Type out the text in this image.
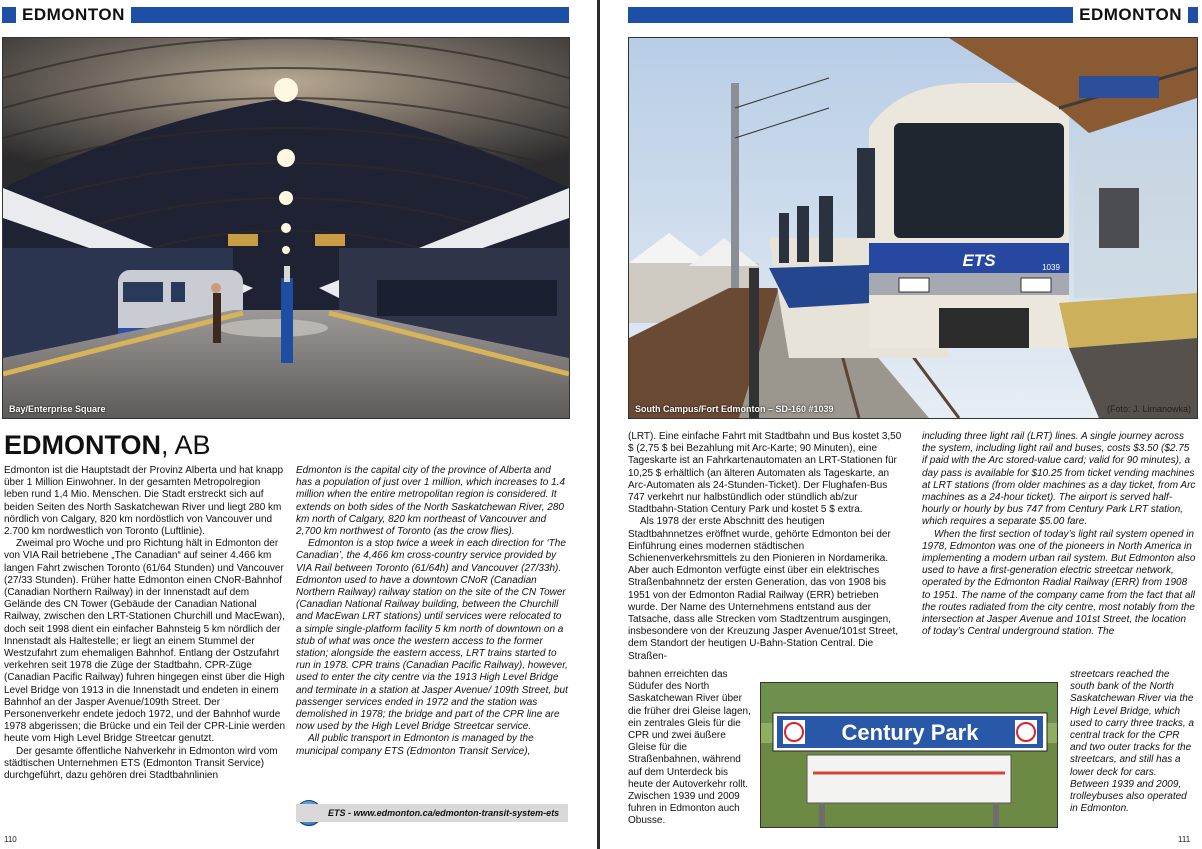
EDMONTON
Bay/Enterprise Square
EDMONTON, AB

Edmonton ist die Hauptstadt der Provinz Alberta und hat knapp über 1 Million Einwohner. In der gesamten Metropolregion leben rund 1,4 Mio. Menschen. Die Stadt erstreckt sich auf beiden Seiten des North Saskatchewan River und liegt 280 km nördlich von Calgary, 820 km nordöstlich von Vancouver und 2.700 km nordwestlich von Toronto (Luftlinie).

Zweimal pro Woche und pro Richtung hält in Edmonton der von VIA Rail betriebene „The Canadian“ auf seiner 4.466 km langen Fahrt zwischen Toronto (61/64 Stunden) und Vancouver (27/33 Stunden). Früher hatte Edmonton einen CNoR-Bahnhof (Canadian Northern Railway) in der Innenstadt auf dem Gelände des CN Tower (Gebäude der Canadian National Railway, zwischen den LRT-Stationen Churchill und MacEwan), doch seit 1998 dient ein einfacher Bahnsteig 5 km nördlich der Innenstadt als Haltestelle; er liegt an einem Stummel der Westzufahrt zum ehemaligen Bahnhof. Entlang der Ostzufahrt verkehren seit 1978 die Züge der Stadtbahn. CPR-Züge (Canadian Pacific Railway) fuhren hingegen einst über die High Level Bridge von 1913 in die Innenstadt und endeten in einem Bahnhof an der Jasper Avenue/109th Street. Der Personenverkehr endete jedoch 1972, und der Bahnhof wurde 1978 abgerissen; die Brücke und ein Teil der CPR-Linie werden heute vom High Level Bridge Streetcar genutzt.

Der gesamte öffentliche Nahverkehr in Edmonton wird vom städtischen Unternehmen ETS (Edmonton Transit Service) durchgeführt, dazu gehören drei Stadtbahnlinien

Edmonton is the capital city of the province of Alberta and has a population of just over 1 million, which increases to 1.4 million when the entire metropolitan region is considered. It extends on both sides of the North Saskatchewan River, 280 km north of Calgary, 820 km northeast of Vancouver and 2,700 km northwest of Toronto (as the crow flies).

Edmonton is a stop twice a week in each direction for ‘The Canadian’, the 4,466 km cross-country service provided by VIA Rail between Toronto (61/64h) and Vancouver (27/33h). Edmonton used to have a downtown CNoR (Canadian Northern Railway) railway station on the site of the CN Tower (Canadian National Railway building, between the Churchill and MacEwan LRT stations) until services were relocated to a simple single-platform facility 5 km north of downtown on a stub of what was once the western access to the former station; alongside the eastern access, LRT trains started to run in 1978. CPR trains (Canadian Pacific Railway), however, used to enter the city centre via the 1913 High Level Bridge and terminate in a station at Jasper Avenue/ 109th Street, but passenger services ended in 1972 and the station was demolished in 1978; the bridge and part of the CPR line are now used by the High Level Bridge Streetcar service.

All public transport in Edmonton is managed by the municipal company ETS (Edmonton Transit Service),

ETS - www.edmonton.ca/edmonton-transit-system-ets
110
EDMONTON
ETS	1039
South Campus/Fort Edmonton – SD-160 #1039	(Foto: J. Limanowka)

(LRT). Eine einfache Fahrt mit Stadtbahn und Bus kostet 3,50 $ (2,75 $ bei Bezahlung mit Arc-Karte; 90 Minuten), eine Tageskarte ist an Fahrkartenautomaten an LRT-Stationen für 10,25 $ erhältlich (an älteren Automaten als Tageskarte, an Arc-Automaten als 24-Stunden-Ticket). Der Flughafen-Bus 747 verkehrt nur halbstündlich oder stündlich ab/zur Stadtbahn-Station Century Park und kostet 5 $ extra.

Als 1978 der erste Abschnitt des heutigen Stadtbahnnetzes eröffnet wurde, gehörte Edmonton bei der Einführung eines modernen städtischen Schienenverkehrsmittels zu den Pionieren in Nordamerika. Aber auch Edmonton verfügte einst über ein elektrisches Straßenbahnnetz der ersten Generation, das von 1908 bis 1951 von der Edmonton Radial Railway (ERR) betrieben wurde. Der Name des Unternehmens entstand aus der Tatsache, dass alle Strecken vom Stadtzentrum ausgingen, insbesondere von der Kreuzung Jasper Avenue/101st Street, dem Standort der heutigen U-Bahn-Station Central. Die Straßen-

bahnen erreichten das Südufer des North Saskatchewan River über die früher drei Gleise lagen, ein zentrales Gleis für die CPR und zwei äußere Gleise für die Straßenbahnen, während auf dem Unterdeck bis heute der Autoverkehr rollt. Zwischen 1939 und 2009 fuhren in Edmonton auch Obusse.

including three light rail (LRT) lines. A single journey across the system, including light rail and buses, costs $3.50 ($2.75 if paid with the Arc stored-value card; valid for 90 minutes), a day pass is available for $10.25 from ticket vending machines at LRT stations (from older machines as a day ticket, from Arc machines as a 24-hour ticket). The airport is served half-hourly or hourly by bus 747 from Century Park LRT station, which requires a separate $5.00 fare.

When the first section of today’s light rail system opened in 1978, Edmonton was one of the pioneers in North America in implementing a modern urban rail system. But Edmonton also used to have a first-generation electric streetcar network, operated by the Edmonton Radial Railway (ERR) from 1908 to 1951. The name of the company came from the fact that all the routes radiated from the city centre, most notably from the intersection at Jasper Avenue and 101st Street, the location of today’s Central underground station. The

streetcars reached the south bank of the North Saskatchewan River via the High Level Bridge, which used to carry three tracks, a central track for the CPR and two outer tracks for the streetcars, and still has a lower deck for cars. Between 1939 and 2009, trolleybuses also operated in Edmonton.

Century Park
111
